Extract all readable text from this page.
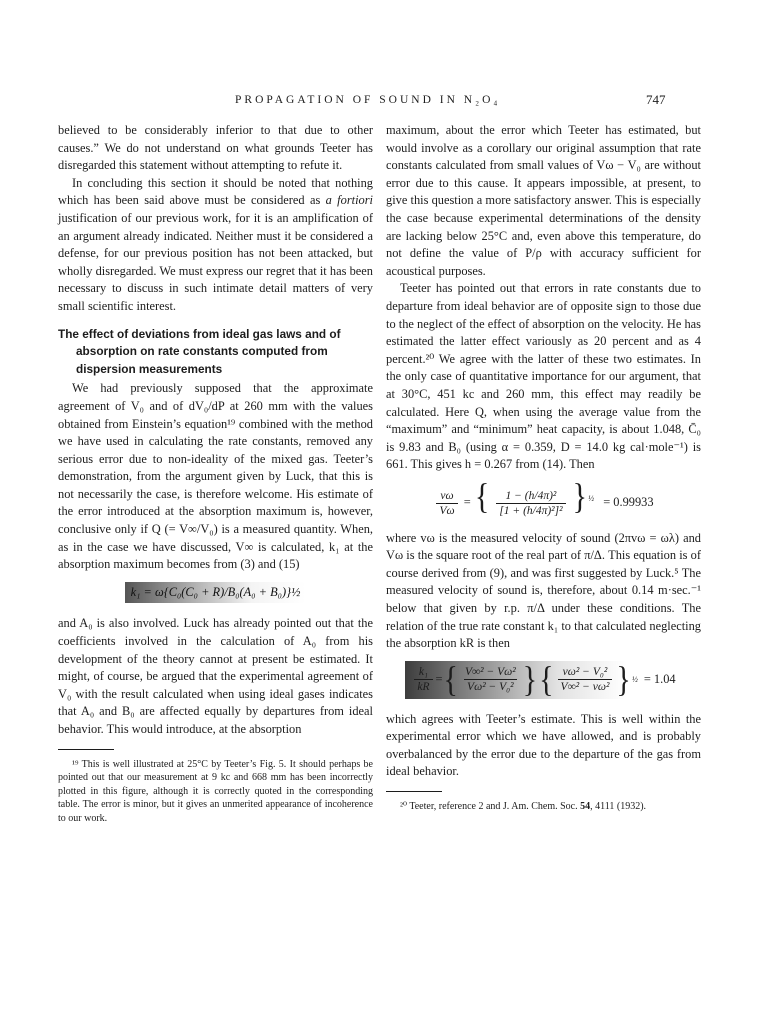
PROPAGATION OF SOUND IN N₂O₄	747

believed to be considerably inferior to that due to other causes.” We do not understand on what grounds Teeter has disregarded this statement without attempting to refute it.

In concluding this section it should be noted that nothing which has been said above must be considered as a fortiori justification of our previous work, for it is an amplification of an argument already indicated. Neither must it be considered a defense, for our previous position has not been attacked, but wholly disregarded. We must express our regret that it has been necessary to discuss in such intimate detail matters of very small scientific interest.

The effect of deviations from ideal gas laws and of absorption on rate constants computed from dispersion measurements

We had previously supposed that the approximate agreement of V₀ and of dV₀/dP at 260 mm with the values obtained from Einstein’s equation¹⁹ combined with the method we have used in calculating the rate constants, removed any serious error due to non-ideality of the mixed gas. Teeter’s demonstration, from the argument given by Luck, that this is not necessarily the case, is therefore welcome. His estimate of the error introduced at the absorption maximum is, however, conclusive only if Q (= V∞/V₀) is a measured quantity. When, as in the case we have discussed, V∞ is calculated, k₁ at the absorption maximum becomes from (3) and (15)

k₁ = ω{C₀(C₀ + R)/B₀(A₀ + B₀)}½

and A₀ is also involved. Luck has already pointed out that the coefficients involved in the calculation of A₀ from his development of the theory cannot at present be estimated. It might, of course, be argued that the experimental agreement of V₀ with the result calculated when using ideal gases indicates that A₀ and B₀ are affected equally by departures from ideal behavior. This would introduce, at the absorption

¹⁹ This is well illustrated at 25°C by Teeter’s Fig. 5. It should perhaps be pointed out that our measurement at 9 kc and 668 mm has been incorrectly plotted in this figure, although it is correctly quoted in the corresponding table. The error is minor, but it gives an unmerited appearance of incoherence to our work.

maximum, about the error which Teeter has estimated, but would involve as a corollary our original assumption that rate constants calculated from small values of Vω − V₀ are without error due to this cause. It appears impossible, at present, to give this question a more satisfactory answer. This is especially the case because experimental determinations of the density are lacking below 25°C and, even above this temperature, do not define the value of P/ρ with accuracy sufficient for acoustical purposes.

Teeter has pointed out that errors in rate constants due to departure from ideal behavior are of opposite sign to those due to the neglect of the effect of absorption on the velocity. He has estimated the latter effect variously as 20 percent and as 4 percent.²⁰ We agree with the latter of these two estimates. In the only case of quantitative importance for our argument, that at 30°C, 451 kc and 260 mm, this effect may readily be calculated. Here Q, when using the average value from the “maximum” and “minimum” heat capacity, is about 1.048, C̄₀ is 9.83 and B₀ (using α = 0.359, D = 14.0 kg cal·mole⁻¹) is 661. This gives h = 0.267 from (14). Then

$\frac{v\omega}{V\omega}$ = { $\frac{\text{1 − (h/4π)²}}{\text{[1 + (h/4π)²]²}} \}^{\frac{1}{2}} = 0.99933$

where vω is the measured velocity of sound (2πvω = ωλ) and Vω is the square root of the real part of π/Δ. This equation is of course derived from (9), and was first suggested by Luck.⁵ The measured velocity of sound is, therefore, about 0.14 m·sec.⁻¹ below that given by r.p. π/Δ under these conditions. The relation of the true rate constant k₁ to that calculated neglecting the absorption kR is then

$\frac{\text{k₁}}{kR}$ = { $\frac{\text{V∞² − Vω²}}{\text{Vω² − V₀²}}$ } { $\frac{\text{vω² − V₀²}}{\text{V∞² − vω²}}$ } ½ = 1.04

which agrees with Teeter’s estimate. This is well within the experimental error which we have allowed, and is probably overbalanced by the error due to the departure of the gas from ideal behavior.

²⁰ Teeter, reference 2 and J. Am. Chem. Soc. 54, 4111 (1932).
